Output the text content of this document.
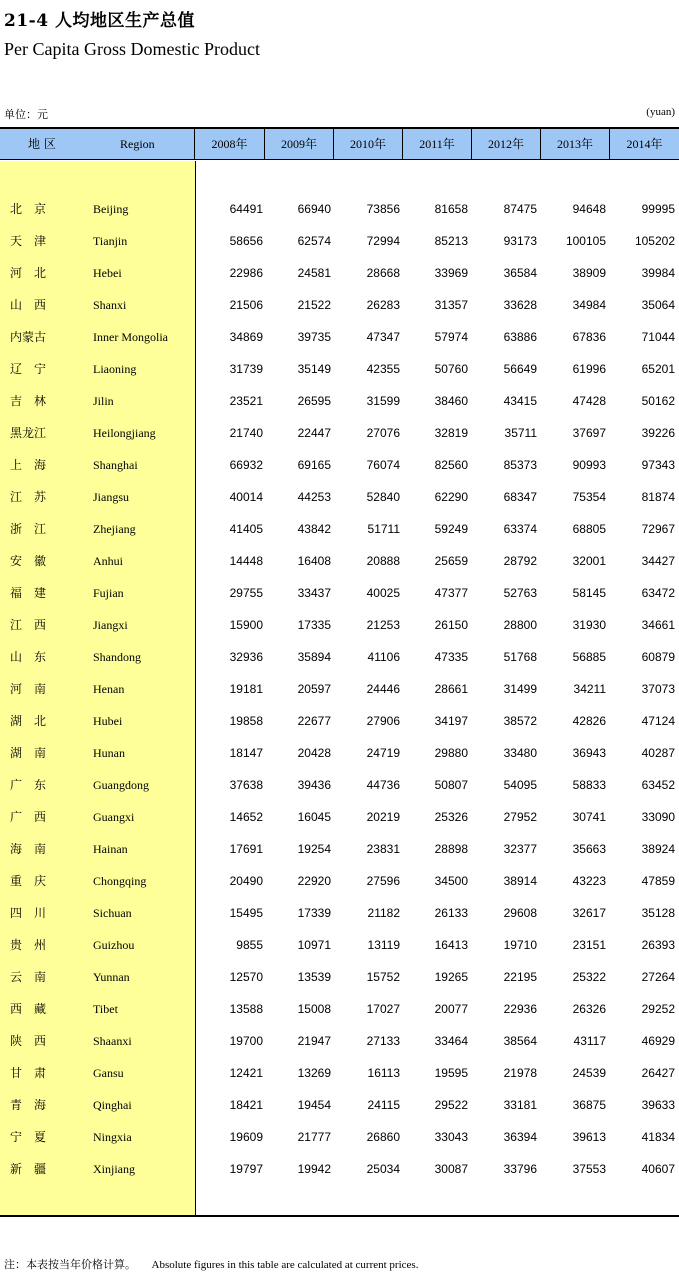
21-4 人均地区生产总值
Per Capita Gross Domestic Product
单位：元	(yuan)
地 区	Region	2008年	2009年	2010年	2011年	2012年	2013年	2014年
北　京	Beijing	64491	66940	73856	81658	87475	94648	99995
天　津	Tianjin	58656	62574	72994	85213	93173	100105	105202
河　北	Hebei	22986	24581	28668	33969	36584	38909	39984
山　西	Shanxi	21506	21522	26283	31357	33628	34984	35064
内蒙古	Inner Mongolia	34869	39735	47347	57974	63886	67836	71044
辽　宁	Liaoning	31739	35149	42355	50760	56649	61996	65201
吉　林	Jilin	23521	26595	31599	38460	43415	47428	50162
黑龙江	Heilongjiang	21740	22447	27076	32819	35711	37697	39226
上　海	Shanghai	66932	69165	76074	82560	85373	90993	97343
江　苏	Jiangsu	40014	44253	52840	62290	68347	75354	81874
浙　江	Zhejiang	41405	43842	51711	59249	63374	68805	72967
安　徽	Anhui	14448	16408	20888	25659	28792	32001	34427
福　建	Fujian	29755	33437	40025	47377	52763	58145	63472
江　西	Jiangxi	15900	17335	21253	26150	28800	31930	34661
山　东	Shandong	32936	35894	41106	47335	51768	56885	60879
河　南	Henan	19181	20597	24446	28661	31499	34211	37073
湖　北	Hubei	19858	22677	27906	34197	38572	42826	47124
湖　南	Hunan	18147	20428	24719	29880	33480	36943	40287
广　东	Guangdong	37638	39436	44736	50807	54095	58833	63452
广　西	Guangxi	14652	16045	20219	25326	27952	30741	33090
海　南	Hainan	17691	19254	23831	28898	32377	35663	38924
重　庆	Chongqing	20490	22920	27596	34500	38914	43223	47859
四　川	Sichuan	15495	17339	21182	26133	29608	32617	35128
贵　州	Guizhou	9855	10971	13119	16413	19710	23151	26393
云　南	Yunnan	12570	13539	15752	19265	22195	25322	27264
西　藏	Tibet	13588	15008	17027	20077	22936	26326	29252
陕　西	Shaanxi	19700	21947	27133	33464	38564	43117	46929
甘　肃	Gansu	12421	13269	16113	19595	21978	24539	26427
青　海	Qinghai	18421	19454	24115	29522	33181	36875	39633
宁　夏	Ningxia	19609	21777	26860	33043	36394	39613	41834
新　疆	Xinjiang	19797	19942	25034	30087	33796	37553	40607
注：本表按当年价格计算。 Absolute figures in this table are calculated at current prices.
